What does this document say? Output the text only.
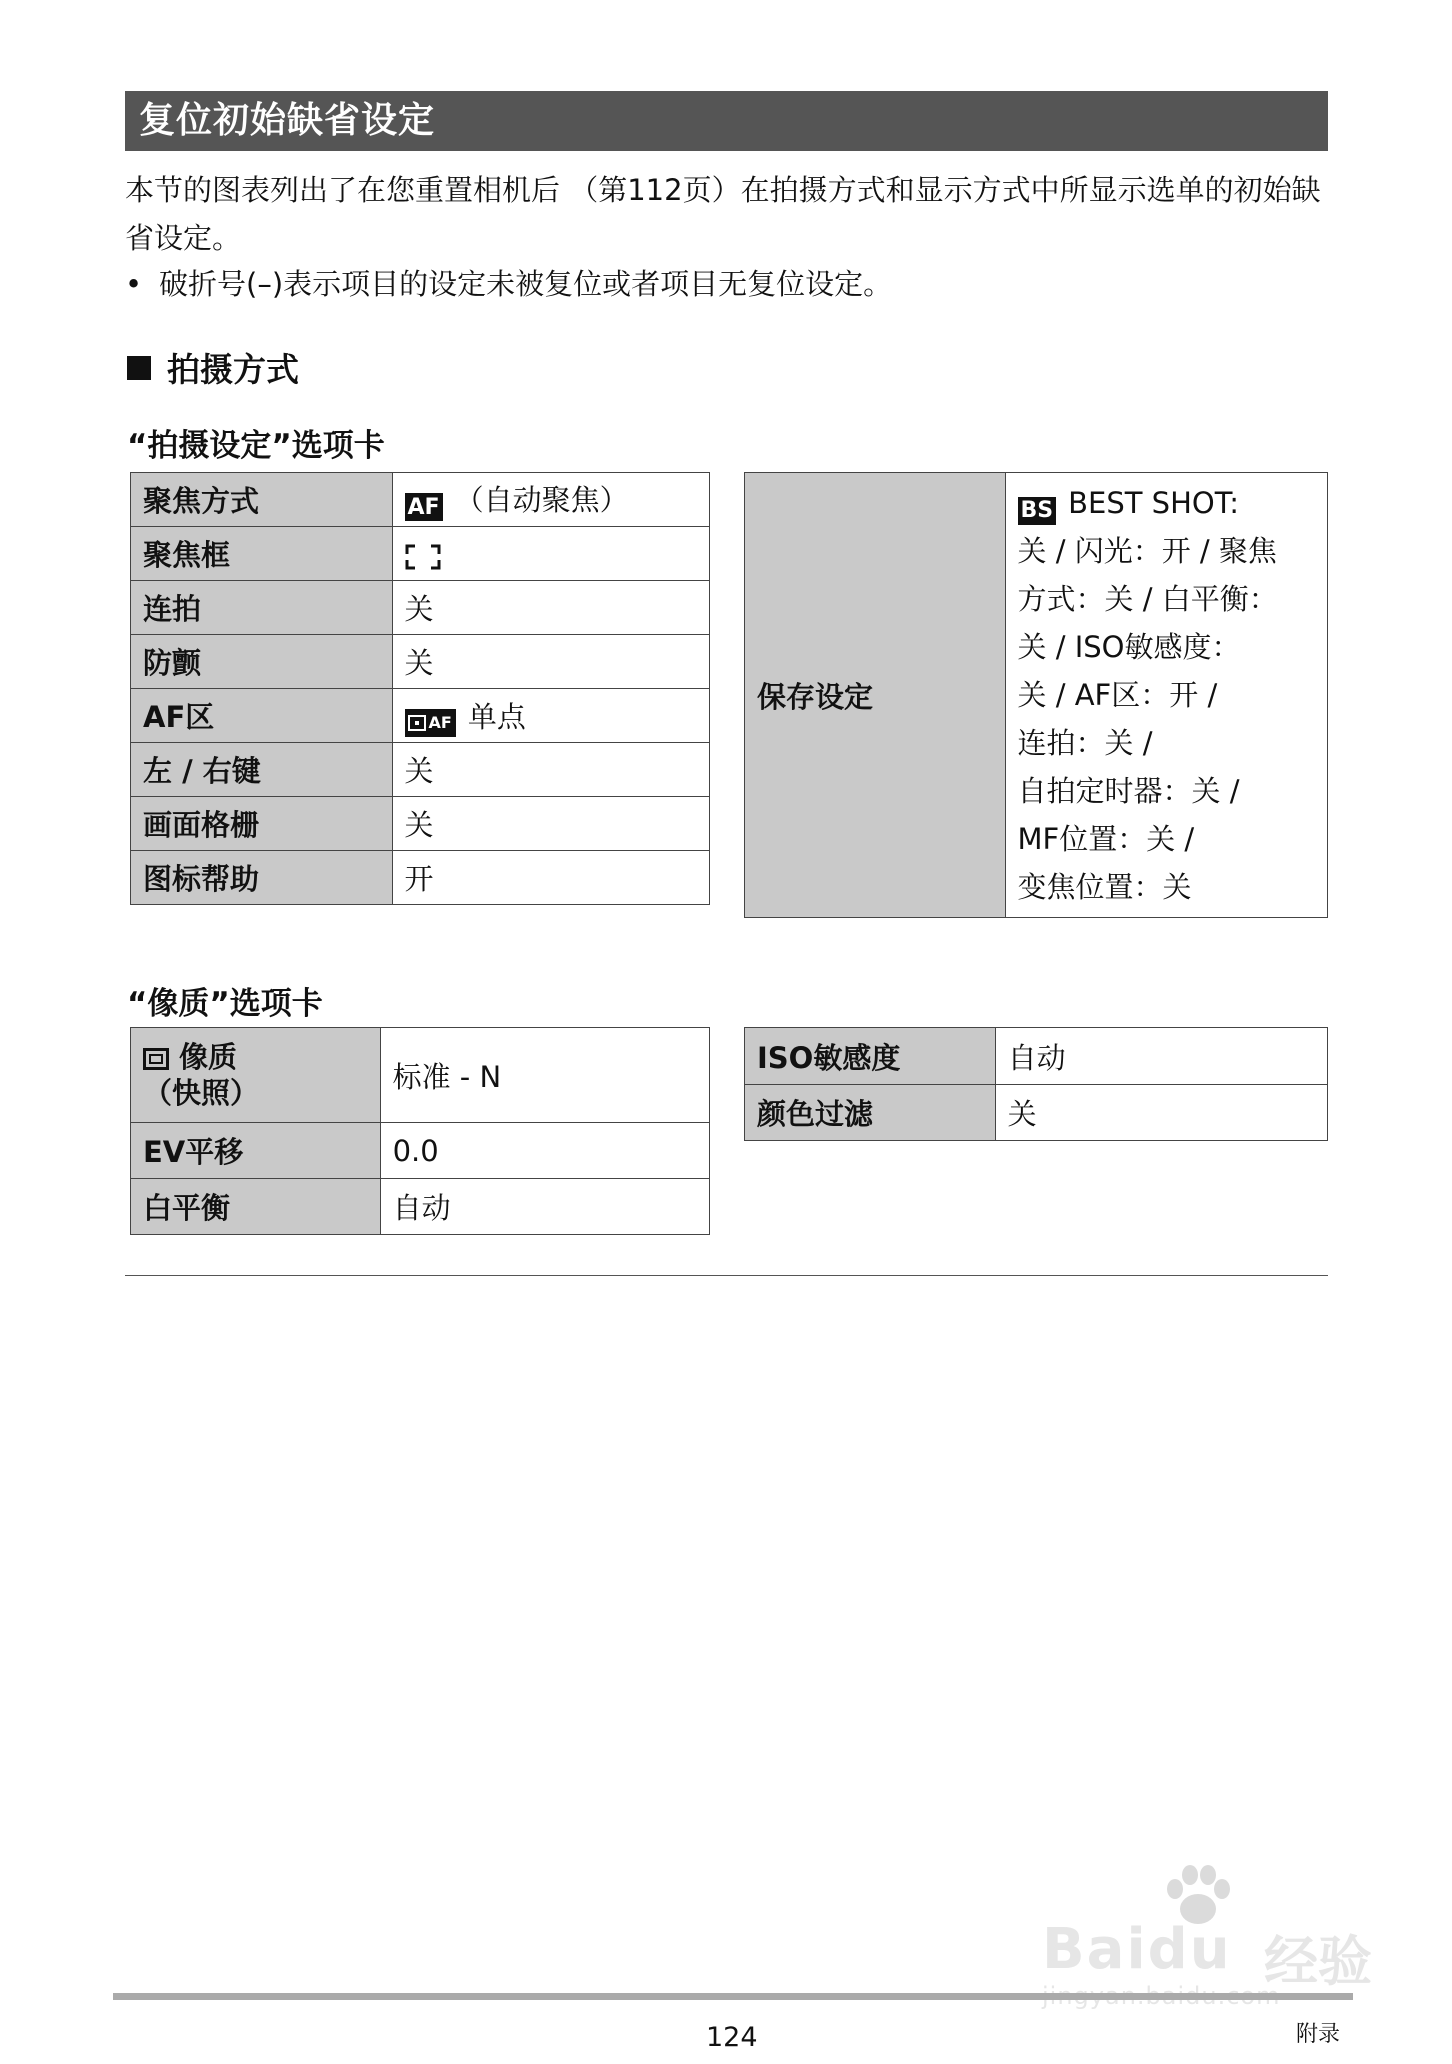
复位初始缺省设定

本节的图表列出了在您重置相机后 （第112页）在拍摄方式和显示方式中所显示选单的初始缺省设定。

• 破折号(–)表示项目的设定未被复位或者项目无复位设定。
拍摄方式
“拍摄设定”选项卡
聚焦方式	AF （自动聚焦）
聚焦框	
连拍	关
防颤	关
AF区	AF 单点
左 / 右键	关
画面格栅	关
图标帮助	开
保存设定	
BS BEST SHOT:
关 / 闪光：开 / 聚焦
方式：关 / 白平衡：
关 / ISO敏感度：
关 / AF区：开 /
连拍：关 /
自拍定时器：关 /
MF位置：关 /
变焦位置：关
“像质”选项卡
像质
（快照）	标准 - N
EV平移	0.0
白平衡	自动
ISO敏感度	自动
颜色过滤	关
Baidu 经验
124	附录
